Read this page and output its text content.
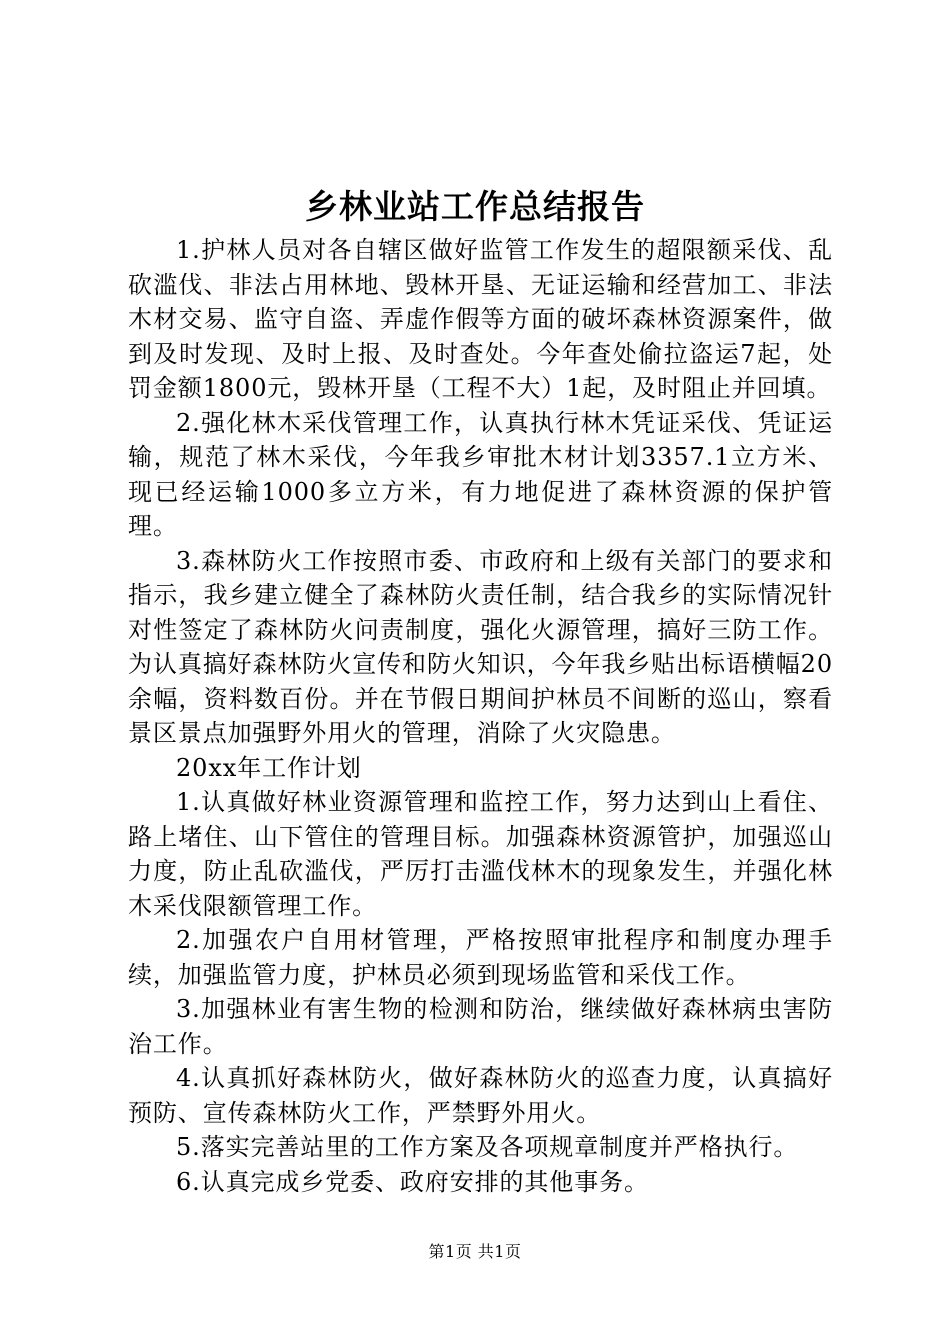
乡林业站工作总结报告

1.护林人员对各自辖区做好监管工作发生的超限额采伐、乱砍滥伐、非法占用林地、毁林开垦、无证运输和经营加工、非法木材交易、监守自盗、弄虚作假等方面的破坏森林资源案件，做到及时发现、及时上报、及时查处。今年查处偷拉盗运7起，处罚金额1800元，毁林开垦（工程不大）1起，及时阻止并回填。

2.强化林木采伐管理工作，认真执行林木凭证采伐、凭证运输，规范了林木采伐，今年我乡审批木材计划3357.1立方米、现已经运输1000多立方米，有力地促进了森林资源的保护管理。

3.森林防火工作按照市委、市政府和上级有关部门的要求和指示，我乡建立健全了森林防火责任制，结合我乡的实际情况针对性签定了森林防火问责制度，强化火源管理，搞好三防工作。为认真搞好森林防火宣传和防火知识，今年我乡贴出标语横幅20余幅，资料数百份。并在节假日期间护林员不间断的巡山，察看景区景点加强野外用火的管理，消除了火灾隐患。

20xx年工作计划

1.认真做好林业资源管理和监控工作，努力达到山上看住、路上堵住、山下管住的管理目标。加强森林资源管护，加强巡山力度，防止乱砍滥伐，严厉打击滥伐林木的现象发生，并强化林木采伐限额管理工作。

2.加强农户自用材管理，严格按照审批程序和制度办理手续，加强监管力度，护林员必须到现场监管和采伐工作。

3.加强林业有害生物的检测和防治，继续做好森林病虫害防治工作。

4.认真抓好森林防火，做好森林防火的巡查力度，认真搞好预防、宣传森林防火工作，严禁野外用火。

5.落实完善站里的工作方案及各项规章制度并严格执行。

6.认真完成乡党委、政府安排的其他事务。

第1页 共1页
